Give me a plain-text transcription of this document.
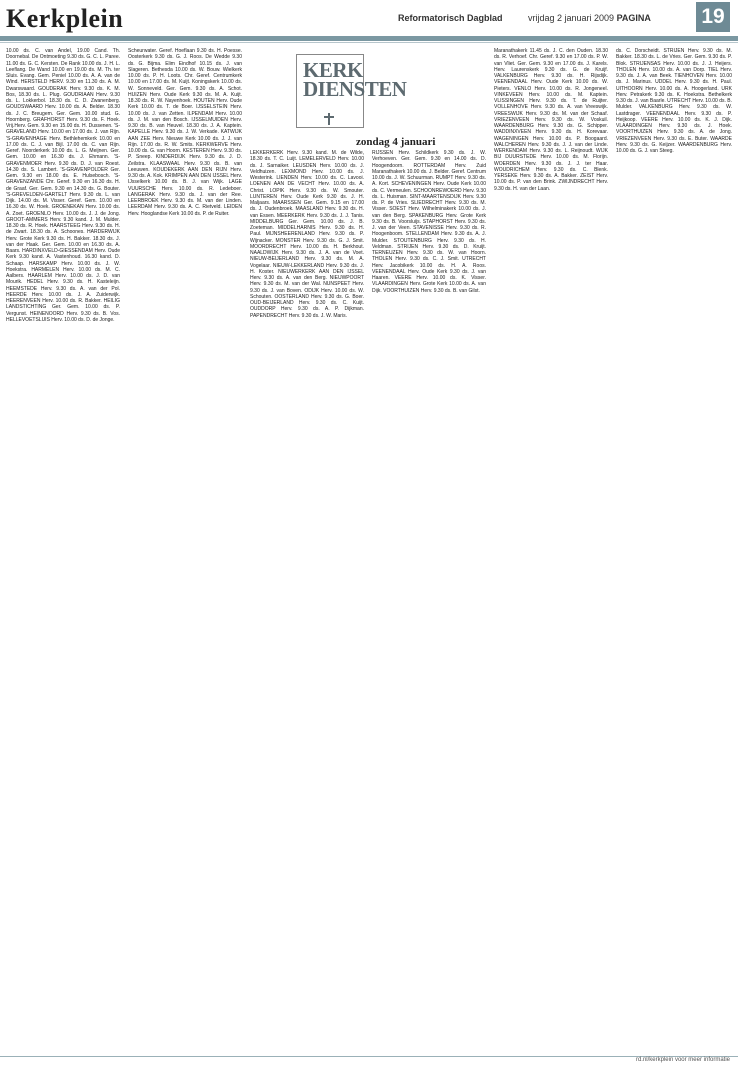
Kerkplein	Reformatorisch Dagblad	vrijdag 2 januari 2009 PAGINA 19

10.00 ds. C. van Andel, 19.00 Cand. Th. Doornebal. De Ontmoeting 9.30 ds. G. C. L. Paree. 11.00 ds. G. C. Kersten. De Rank 10.00 ds. J. H. L. Leeflang. De Wand 10.00 en 19.00 ds. M. Th. ter Sluis. Evang. Gem. Peniel 10.00 ds. A. A. van de Wind. HERSTELD HERV. 9.30 en 11.30 ds. A. M. Dwarswaard. GOUDERAK Herv. 9.30 ds. K. M. Bos, 18.30 ds. L. Plug. GOUDRIAAN Herv. 9.30 ds. L. Lokkerbol. 18.30 ds. C. D. Zwanenberg. GOUDSWAARD Herv. 10.00 ds. A. Belder. 18.30 ds. J. C. Breugem. Ger. Gem. 10.00 stud. G. Hoornberg. GRAFHORST Herv. 9.30 ds. F. Hoek. Vrij.Herv. Gem. 9.30 en 15.00 ds. H. Dussenen. 'S-GRAVELAND Herv. 10.00 en 17.00 ds. J. van Rijn. 'S-GRAVENHAGE Herv. Bethlehemkerk 10.00 en 17.00 ds. C. J. van Bijl. 17.00 ds. C. van Rijn. Geref. Noorderkerk 10.00 ds. L. G. Meijnen. Ger. Gem. 10.00 en 16.30 ds. J. Ehmann. 'S-GRAVENMOER Herv. 9.30 ds. D. J. van Roest. 14.30 ds. S. Lambert. 'S-GRAVENPOLDER Ger. Gem. 9.30 en 18.00 ds. E. Hulsebosch. 'S-GRAVENZANDE Chr. Geref. 9.30 en 16.30 ds. H. de Graaf. Ger. Gem. 9.30 en 14.30 ds. G. Bouter. 'S-GREVELDEN-GARTELT Herv. 9.30 ds. L. van Dijk. 14.00 ds. M. Visser. Geref. Gem. 10.00 en 16.30 ds. W. Hoek. GROENEKAN Herv. 10.00 ds. A. Zoet. GROENLO Herv. 10.00 ds. J. J. de Jong. GROOT-AMMERS Herv. 9.30 kand. J. M. Mulder. 18.30 ds. R. Hoek. HAARSTEEG Herv. 9.30 ds. H. de Zwart. 18.30 ds. A. Schoones. HARDERWIJK Herv. Grote Kerk 9.30 ds. H. Bakker. 18.30 ds. J. van der Haak. Ger. Gem. 10.00 en 16.30 ds. A. Baars. HARDINXVELD-GIESSENDAM Herv. Oude Kerk 9.30 kand. A. Vastenhoud. 16.30 kand. D. Schaap. HARSKAMP Herv. 10.00 ds. J. W. Hoekstra. HARMELEN Herv. 10.00 ds. M. C. Aalbers. HAARLEM Herv. 10.00 ds. J. D. van Mourik. HEDEL Herv. 9.30 ds. H. Kasteleijn. HEEMSTEDE Herv. 9.30 ds. A. van der Pol. HEERDE Herv. 10.00 ds. J. A. Zuiderwijk. HEERENVEEN Herv. 10.00 ds. R. Bakker. HEILIG LANDSTICHTING Ger. Gem. 10.00 ds. P. Vergunst. HEINENOORD Herv. 9.30 ds. B. Vos. HELLEVOETSLUIS Herv. 10.00 ds. D. de Jonge.

Scheurwater. Geref. Hoeflaan 9.30 ds. H. Poesse. Oosterkerk 9.30 ds. G. J. Roos. De Wedde 9.30 ds. G. Bijma. Elim Eindhof 10.15 ds. J. van Slageren. Bethesda 10.00 ds. W. Bouw. Wielkerk 10.00 ds. P. H. Loots. Chr. Geref. Centrumkerk 10.00 en 17.00 ds. M. Kuijt. Koningskerk 10.00 ds. W. Sonneveld. Ger. Gem. 9.30 ds. A. Schot. HUIZEN Herv. Oude Kerk 9.30 ds. M. A. Kuijt. 18.30 ds. R. W. Nayenhoek. HOUTEN Herv. Oude Kerk 10.00 ds. T. de Boer. IJSSELSTEIN Herv. 10.00 ds. J. van Zetten. ILPENDAM Herv. 10.00 ds. J. M. van den Bosch. IJSSELMUIDEN Herv. 9.30 ds. B. van Heuvel. 18.30 ds. J. A. Kaptein. KAPELLE Herv. 9.30 ds. J. W. Verkade. KATWIJK AAN ZEE Herv. Nieuwe Kerk 10.00 ds. J. J. van Rijn. 17.00 ds. R. W. Smits. KERKWERVE Herv. 10.00 ds. G. van Hoorn. KESTEREN Herv. 9.30 ds. P. Sneep. KINDERDIJK Herv. 9.30 ds. J. D. Zeilstra. KLAASWAAL Herv. 9.30 ds. B. van Leeuwen. KOUDEKERK AAN DEN RIJN Herv. 9.30 ds. A. Kok. KRIMPEN AAN DEN IJSSEL Herv. IJsselkerk 10.00 ds. B. J. van Wijk. LAGE VUURSCHE Herv. 10.00 ds. R. Ledeboer. LANGERAK Herv. 9.30 ds. J. van der Ree. LEERBROEK Herv. 9.30 ds. M. van der Linden. LEERDAM Herv. 9.30 ds. A. C. Rietveld. LEIDEN Herv. Hooglandse Kerk 10.00 ds. P. de Ruiter.

KERK DIENSTEN
zondag 4 januari

LEKKERKERK Herv. 9.30 kand. M. de Wilde, 18.30 ds. T. C. Luijt. LEMELERVELD Herv. 10.00 ds. J. Sarnaiker. LEUSDEN Herv. 10.00 ds. J. Veldhuizen. LEXMOND Herv. 10.00 ds. J. Westerink. LIENDEN Herv. 10.00 ds. C. Lavooi. LOENEN AAN DE VECHT Herv. 10.00 ds. A. Christ. LOPIK Herv. 9.30 ds. W. Smouter. LUNTEREN Herv. Oude Kerk 9.30 ds. J. H. Maljaars. MAARSSEN Ger. Gem. 9.15 en 17.00 ds. J. Oudenbroek. MAASLAND Herv. 9.30 ds. H. van Essen. MEERKERK Herv. 9.30 ds. J. J. Tanis. MIDDELBURG Ger. Gem. 10.00 ds. J. B. Zoeteman. MIDDELHARNIS Herv. 9.30 ds. H. Paul. MIJNSHEERENLAND Herv. 9.30 ds. P. Wijnacker. MONSTER Herv. 9.30 ds. G. J. Smit. MOORDRECHT Herv. 10.00 ds. H. Berkhout. NAALDWIJK Herv. 9.30 ds. J. A. van de Voet. NIEUW-BEIJERLAND Herv. 9.30 ds. M. A. Vogelaar. NIEUW-LEKKERLAND Herv. 9.30 ds. J. H. Koster. NIEUWERKERK AAN DEN IJSSEL Herv. 9.30 ds. A. van den Berg. NIEUWPOORT Herv. 9.30 ds. M. van der Wal. NUNSPEET Herv. 9.30 ds. J. van Boven. ODIJK Herv. 10.00 ds. W. Schouten. OOSTERLAND Herv. 9.30 ds. G. Boer. OUD-BEIJERLAND Herv. 9.30 ds. C. Kuijt. OUDDORP Herv. 9.30 ds. A. P. Dijkman. PAPENDRECHT Herv. 9.30 ds. J. W. Maris.

RIJSSEN Herv. Schildkerk 9.30 ds. J. W. Verhoeven. Ger. Gem. 9.30 en 14.00 ds. D. Hoogendoorn. ROTTERDAM Herv. Zuid Maranathakerk 10.00 ds. J. Belder. Geref. Centrum 10.00 ds. J. W. Schuurman. RUMPT Herv. 9.30 ds. A. Kort. SCHEVENINGEN Herv. Oude Kerk 10.00 ds. C. Vermeulen. SCHOONREWOERD Herv. 9.30 ds. L. Huisman. SINT-MAARTENSDIJK Herv. 9.30 ds. P. de Vries. SLIEDRECHT Herv. 9.30 ds. M. Visser. SOEST Herv. Wilhelminakerk 10.00 ds. J. van den Berg. SPAKENBURG Herv. Grote Kerk 9.30 ds. B. Voorsluijs. STAPHORST Herv. 9.30 ds. J. van der Veen. STAVENISSE Herv. 9.30 ds. R. Hoogenboom. STELLENDAM Herv. 9.30 ds. A. J. Mulder. STOUTENBURG Herv. 9.30 ds. H. Veldman. STRIJEN Herv. 9.30 ds. D. Kruijt. TERNEUZEN Herv. 9.30 ds. W. van Hoorn. THOLEN Herv. 9.30 ds. C. J. Smit. UTRECHT Herv. Jacobikerk 10.00 ds. H. A. Roos. VEENENDAAL Herv. Oude Kerk 9.30 ds. J. van Haaren. VEERE Herv. 10.00 ds. K. Visser. VLAARDINGEN Herv. Grote Kerk 10.00 ds. A. van Dijk. VOORTHUIZEN Herv. 9.30 ds. B. van Gilst.

Maranathakerk 11.45 ds. J. C. den Ouden. 18.30 ds. R. Verhoef. Chr. Geref. 9.30 en 17.00 ds. P. W. van Vliet. Ger. Gem. 9.30 en 17.00 ds. J. Karels. Herv. Laurenskerk 9.30 ds. G. de Kruijf. VALKENBURG Herv. 9.30 ds. H. Rijsdijk. VEENENDAAL Herv. Oude Kerk 10.00 ds. W. Pieters. VENLO Herv. 10.00 ds. R. Jongeneel. VINKEVEEN Herv. 10.00 ds. M. Kaptein. VLISSINGEN Herv. 9.30 ds. T. de Ruijter. VOLLENHOVE Herv. 9.30 ds. A. van Vreeswijk. VREESWIJK Herv. 9.30 ds. M. van der Schaaf. VRIEZENVEEN Herv. 9.30 ds. W. Voskuil. WAARDENBURG Herv. 9.30 ds. G. Schipper. WADDINXVEEN Herv. 9.30 ds. H. Korevaar. WAGENINGEN Herv. 10.00 ds. P. Boogaard. WALCHEREN Herv. 9.30 ds. J. J. van der Linde. WERKENDAM Herv. 9.30 ds. L. Reijnoudt. WIJK BIJ DUURSTEDE Herv. 10.00 ds. M. Florijn. WOERDEN Herv. 9.30 ds. J. J. ter Haar. WOUDRICHEM Herv. 9.30 ds. C. Blenk. YERSEKE Herv. 9.30 ds. A. Bakker. ZEIST Herv. 10.00 ds. P. van den Brink. ZWIJNDRECHT Herv. 9.30 ds. H. van der Laan.

ds. C. Dorscheidt. STRIJEN Herv. 9.30 ds. M. Bakker. 18.30 ds. L. de Vries. Ger. Gem. 9.30 ds. P. Blok. STRIJENSAS Herv. 10.00 ds. J. J. Heijers. THOLEN Herv. 10.00 ds. A. van Dorp. TIEL Herv. 9.30 ds. J. A. van Beek. TIENHOVEN Herv. 10.00 ds. J. Marinus. UDDEL Herv. 9.30 ds. H. Paul. UITHOORN Herv. 10.00 ds. A. Hoogerland. URK Herv. Petrakerk 9.30 ds. K. Hoekstra. Bethelkerk 9.30 ds. J. van Baarle. UTRECHT Herv. 10.00 ds. B. Mulder. VALKENBURG Herv. 9.30 ds. W. Lastdrager. VEENENDAAL Herv. 9.30 ds. P. Heijkoop. VEERE Herv. 10.00 ds. K. J. Dijk. VLAARDINGEN Herv. 9.30 ds. J. Hoek. VOORTHUIZEN Herv. 9.30 ds. A. de Jong. VRIEZENVEEN Herv. 9.30 ds. E. Buter. WAARDE Herv. 9.30 ds. G. Keijzer. WAARDENBURG Herv. 10.00 ds. G. J. van Steeg.

rd.nl/kerkplein voor meer informatie
